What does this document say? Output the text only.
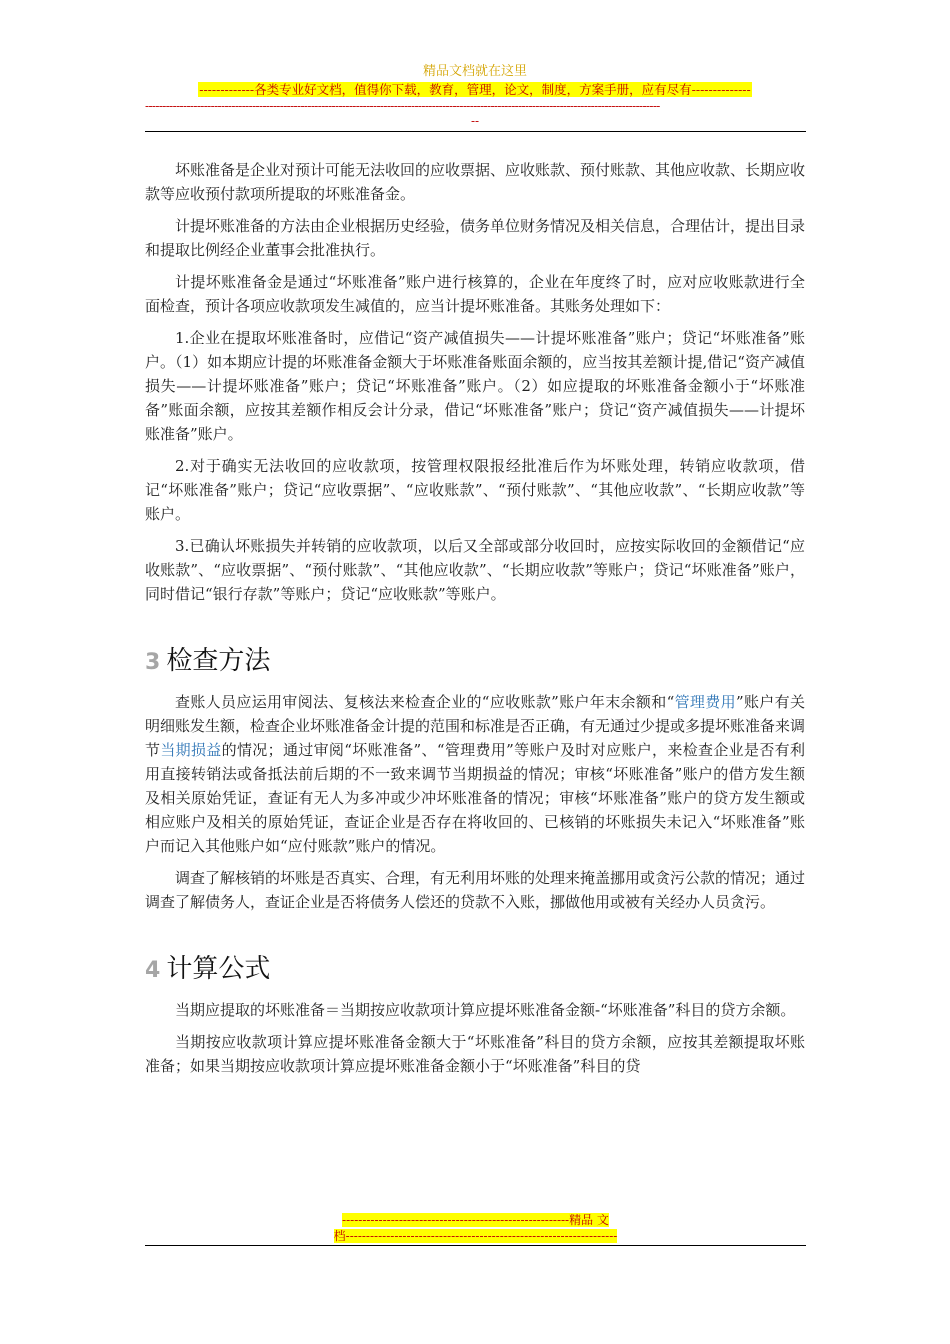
精品文档就在这里
-------------各类专业好文档，值得你下载，教育，管理，论文，制度，方案手册，应有尽有--------------
-----------------------------------------------------------------------------------------------------------------------------------------------------
--

坏账准备是企业对预计可能无法收回的应收票据、应收账款、预付账款、其他应收款、长期应收款等应收预付款项所提取的坏账准备金。

计提坏账准备的方法由企业根据历史经验，债务单位财务情况及相关信息，合理估计，提出目录和提取比例经企业董事会批准执行。

计提坏账准备金是通过“坏账准备”账户进行核算的，企业在年度终了时，应对应收账款进行全面检查，预计各项应收款项发生减值的，应当计提坏账准备。其账务处理如下：

1.企业在提取坏账准备时，应借记“资产减值损失——计提坏账准备”账户；贷记“坏账准备”账户。（1）如本期应计提的坏账准备金额大于坏账准备账面余额的，应当按其差额计提,借记“资产减值损失——计提坏账准备”账户；贷记“坏账准备”账户。（2）如应提取的坏账准备金额小于“坏账准备”账面余额，应按其差额作相反会计分录，借记“坏账准备”账户；贷记“资产减值损失——计提坏账准备”账户。

2.对于确实无法收回的应收款项，按管理权限报经批准后作为坏账处理，转销应收款项，借记“坏账准备”账户；贷记“应收票据”、“应收账款”、“预付账款”、“其他应收款”、“长期应收款”等账户。

3.已确认坏账损失并转销的应收款项，以后又全部或部分收回时，应按实际收回的金额借记“应收账款”、“应收票据”、“预付账款”、“其他应收款”、“长期应收款”等账户；贷记“坏账准备”账户，同时借记“银行存款”等账户；贷记“应收账款”等账户。

3 检查方法

查账人员应运用审阅法、复核法来检查企业的“应收账款”账户年末余额和“管理费用”账户有关明细账发生额，检查企业坏账准备金计提的范围和标准是否正确，有无通过少提或多提坏账准备来调节当期损益的情况；通过审阅“坏账准备”、“管理费用”等账户及时对应账户，来检查企业是否有利用直接转销法或备抵法前后期的不一致来调节当期损益的情况；审核“坏账准备”账户的借方发生额及相关原始凭证，查证有无人为多冲或少冲坏账准备的情况；审核“坏账准备”账户的贷方发生额或相应账户及相关的原始凭证，查证企业是否存在将收回的、已核销的坏账损失未记入“坏账准备”账户而记入其他账户如“应付账款”账户的情况。

调查了解核销的坏账是否真实、合理，有无利用坏账的处理来掩盖挪用或贪污公款的情况；通过调查了解债务人，查证企业是否将债务人偿还的贷款不入账，挪做他用或被有关经办人员贪污。

4 计算公式

当期应提取的坏账准备＝当期按应收款项计算应提坏账准备金额-“坏账准备”科目的贷方余额。

当期按应收款项计算应提坏账准备金额大于“坏账准备”科目的贷方余额，应按其差额提取坏账准备；如果当期按应收款项计算应提坏账准备金额小于“坏账准备”科目的贷

--------------------------------------------------------精品 文
档-------------------------------------------------------------------
